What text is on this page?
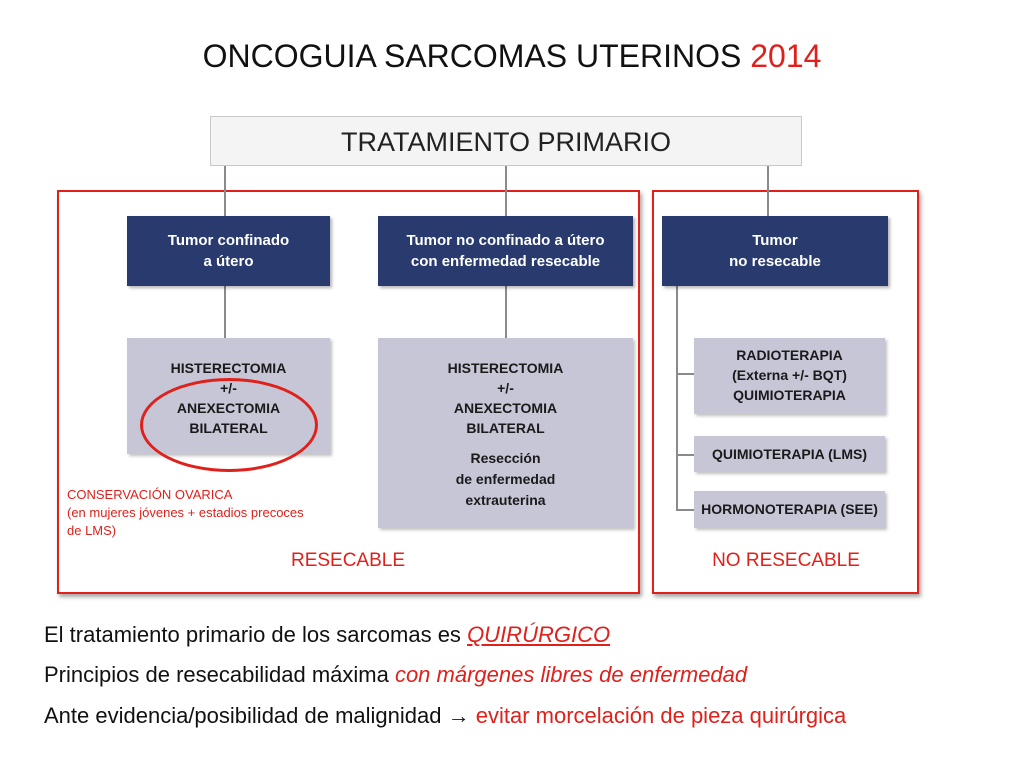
ONCOGUIA SARCOMAS UTERINOS 2014
TRATAMIENTO PRIMARIO
Tumor confinado
a útero
Tumor no confinado a útero
con enfermedad resecable
Tumor
no resecable
HISTERECTOMIA
+/-
ANEXECTOMIA
BILATERAL
HISTERECTOMIA
+/-
ANEXECTOMIA
BILATERAL
Resección
de enfermedad
extrauterina
RADIOTERAPIA
(Externa +/- BQT)
QUIMIOTERAPIA
QUIMIOTERAPIA (LMS)
HORMONOTERAPIA (SEE)
CONSERVACIÓN OVARICA
(en mujeres jóvenes + estadios precoces
de LMS)
RESECABLE	NO RESECABLE
El tratamiento primario de los sarcomas es QUIRÚRGICO
Principios de resecabilidad máxima con márgenes libres de enfermedad
Ante evidencia/posibilidad de malignidad → evitar morcelación de pieza quirúrgica
